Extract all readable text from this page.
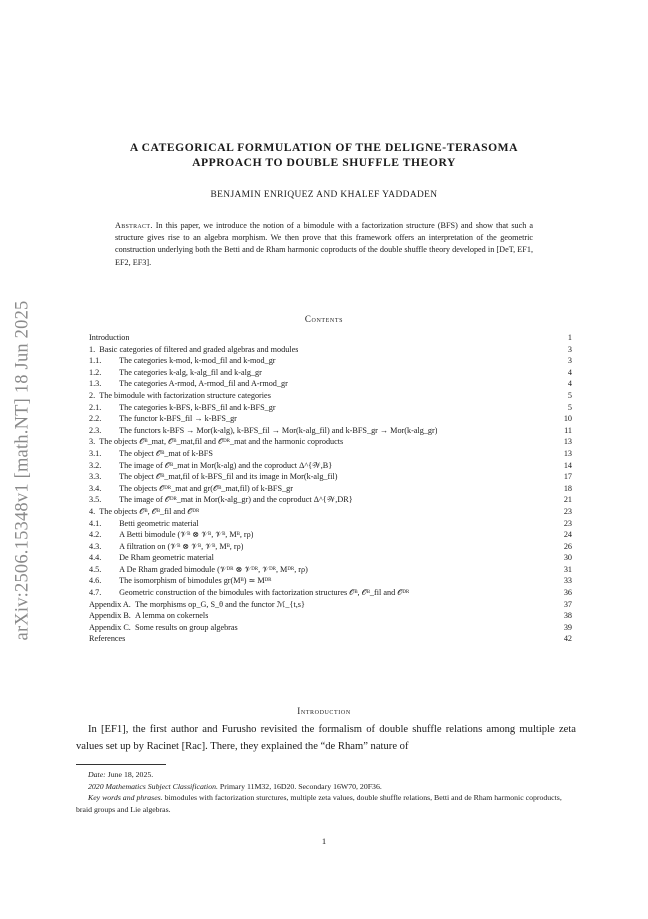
arXiv:2506.15348v1 [math.NT] 18 Jun 2025
A CATEGORICAL FORMULATION OF THE DELIGNE-TERASOMA
APPROACH TO DOUBLE SHUFFLE THEORY
BENJAMIN ENRIQUEZ AND KHALEF YADDADEN
Abstract. In this paper, we introduce the notion of a bimodule with a factorization structure (BFS) and show that such a structure gives rise to an algebra morphism. We then prove that this framework offers an interpretation of the geometric construction underlying both the Betti and de Rham harmonic coproducts of the double shuffle theory developed in [DeT, EF1, EF2, EF3].
Contents
Introduction	1
1. Basic categories of filtered and graded algebras and modules	3
1.1. The categories k-mod, k-mod_fil and k-mod_gr	3
1.2. The categories k-alg, k-alg_fil and k-alg_gr	4
1.3. The categories A-rmod, A-rmod_fil and A-rmod_gr	4
2. The bimodule with factorization structure categories	5
2.1. The categories k-BFS, k-BFS_fil and k-BFS_gr	5
2.2. The functor k-BFS_fil → k-BFS_gr	10
2.3. The functors k-BFS → Mor(k-alg), k-BFS_fil → Mor(k-alg_fil) and k-BFS_gr → Mor(k-alg_gr)	11
3. The objects 𝒪ᴮ_mat, 𝒪ᴮ_mat,fil and 𝒪ᴰᴿ_mat and the harmonic coproducts	13
3.1. The object 𝒪ᴮ_mat of k-BFS	13
3.2. The image of 𝒪ᴮ_mat in Mor(k-alg) and the coproduct Δ^{𝒲,B}	14
3.3. The object 𝒪ᴮ_mat,fil of k-BFS_fil and its image in Mor(k-alg_fil)	17
3.4. The objects 𝒪ᴰᴿ_mat and gr(𝒪ᴮ_mat,fil) of k-BFS_gr	18
3.5. The image of 𝒪ᴰᴿ_mat in Mor(k-alg_gr) and the coproduct Δ^{𝒲,DR}	21
4. The objects 𝒪ᴮ, 𝒪ᴮ_fil and 𝒪ᴰᴿ	23
4.1. Betti geometric material	23
4.2. A Betti bimodule (𝒱ᴮ ⊗ 𝒱ᴮ, 𝒱ᴮ, Mᴮ, rρ)	24
4.3. A filtration on (𝒱ᴮ ⊗ 𝒱ᴮ, 𝒱ᴮ, Mᴮ, rρ)	26
4.4. De Rham geometric material	30
4.5. A De Rham graded bimodule (𝒱ᴰᴿ ⊗ 𝒱ᴰᴿ, 𝒱ᴰᴿ, Mᴰᴿ, rρ)	31
4.6. The isomorphism of bimodules gr(Mᴮ) ≃ Mᴰᴿ	33
4.7. Geometric construction of the bimodules with factorization structures 𝒪ᴮ, 𝒪ᴮ_fil and 𝒪ᴰᴿ	36
Appendix A. The morphisms op_G, S_θ and the functor ℳ_{t,s}	37
Appendix B. A lemma on cokernels	38
Appendix C. Some results on group algebras	39
References	42
Introduction
In [EF1], the first author and Furusho revisited the formalism of double shuffle relations among multiple zeta values set up by Racinet [Rac]. There, they explained the “de Rham” nature of
Date: June 18, 2025.
2020 Mathematics Subject Classification. Primary 11M32, 16D20. Secondary 16W70, 20F36.
Key words and phrases. bimodules with factorization sturctures, multiple zeta values, double shuffle relations, Betti and de Rham harmonic coproducts, braid groups and Lie algebras.
1
